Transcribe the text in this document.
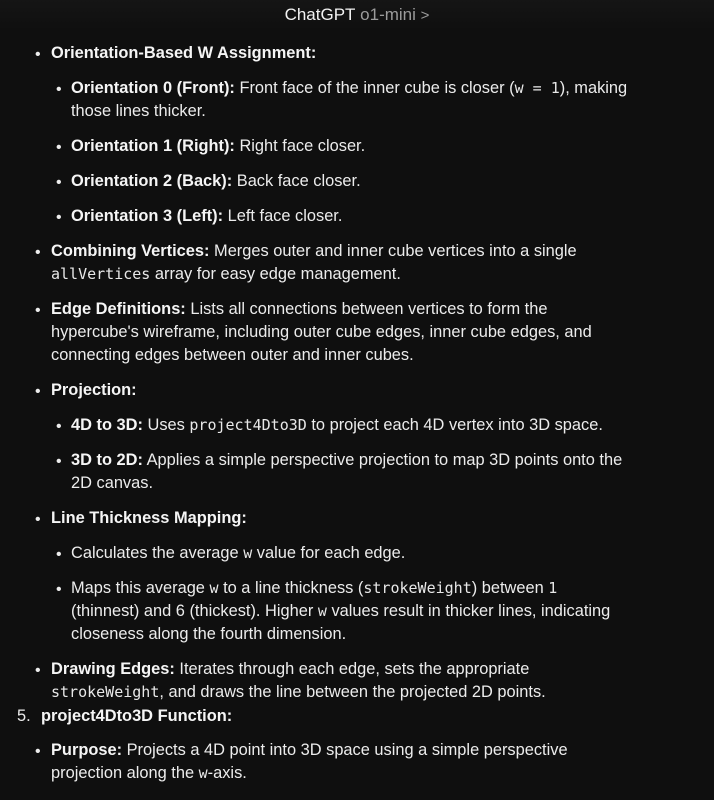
ChatGPT o1-mini >
• Orientation-Based W Assignment:
• Orientation 0 (Front): Front face of the inner cube is closer (w = 1), making
those lines thicker.
• Orientation 1 (Right): Right face closer.
• Orientation 2 (Back): Back face closer.
• Orientation 3 (Left): Left face closer.
• Combining Vertices: Merges outer and inner cube vertices into a single
allVertices array for easy edge management.
• Edge Definitions: Lists all connections between vertices to form the
hypercube's wireframe, including outer cube edges, inner cube edges, and
connecting edges between outer and inner cubes.
• Projection:
• 4D to 3D: Uses project4Dto3D to project each 4D vertex into 3D space.
• 3D to 2D: Applies a simple perspective projection to map 3D points onto the
2D canvas.
• Line Thickness Mapping:
• Calculates the average w value for each edge.
• Maps this average w to a line thickness (strokeWeight) between 1
(thinnest) and 6 (thickest). Higher w values result in thicker lines, indicating
closeness along the fourth dimension.
• Drawing Edges: Iterates through each edge, sets the appropriate
strokeWeight, and draws the line between the projected 2D points.
5. project4Dto3D Function:
• Purpose: Projects a 4D point into 3D space using a simple perspective
projection along the w-axis.
